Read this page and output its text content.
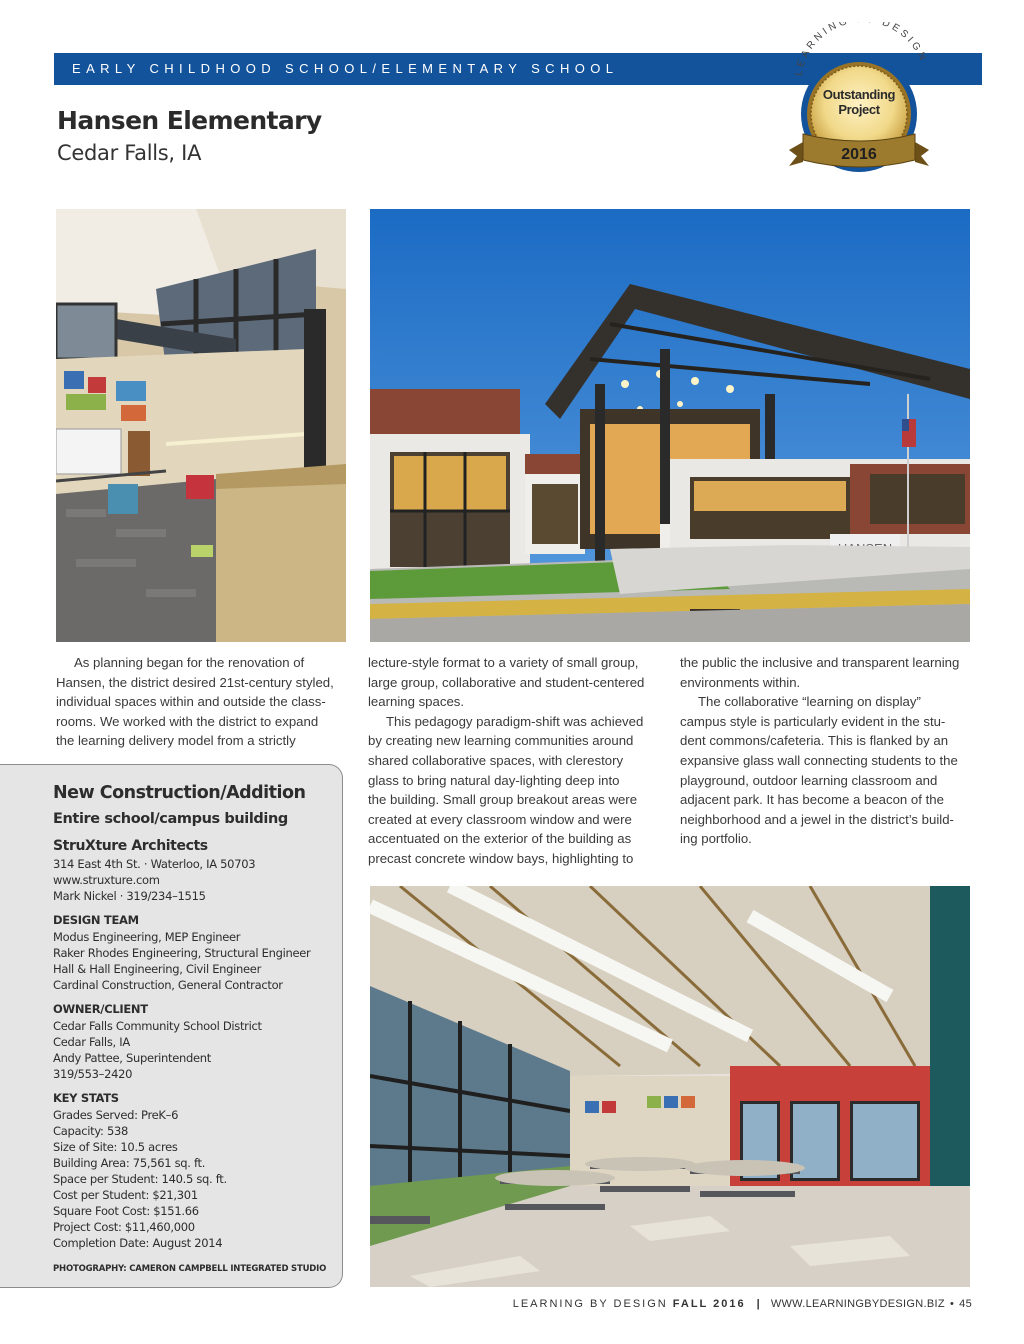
EARLY CHILDHOOD SCHOOL/ELEMENTARY SCHOOL
Hansen Elementary
Cedar Falls, IA
LEARNING DESIGN
Outstanding
Project
2016

As planning began for the renovation of

Hansen, the district desired 21st-century styled,

individual spaces within and outside the class-

rooms. We worked with the district to expand

the learning delivery model from a strictly

lecture-style format to a variety of small group,

large group, collaborative and student-centered

learning spaces.

This pedagogy paradigm-shift was achieved

by creating new learning communities around

shared collaborative spaces, with clerestory

glass to bring natural day-lighting deep into

the building. Small group breakout areas were

created at every classroom window and were

accentuated on the exterior of the building as

precast concrete window bays, highlighting to

the public the inclusive and transparent learning

environments within.

The collaborative “learning on display”

campus style is particularly evident in the stu-

dent commons/cafeteria. This is flanked by an

expansive glass wall connecting students to the

playground, outdoor learning classroom and

adjacent park. It has become a beacon of the

neighborhood and a jewel in the district’s build-

ing portfolio.

New Construction/Addition
Entire school/campus building
StruXture Architects
314 East 4th St. · Waterloo, IA 50703
www.struxture.com
Mark Nickel · 319/234–1515
DESIGN TEAM
Modus Engineering, MEP Engineer
Raker Rhodes Engineering, Structural Engineer
Hall & Hall Engineering, Civil Engineer
Cardinal Construction, General Contractor
OWNER/CLIENT
Cedar Falls Community School District
Cedar Falls, IA
Andy Pattee, Superintendent
319/553–2420
KEY STATS
Grades Served: PreK–6
Capacity: 538
Size of Site: 10.5 acres
Building Area: 75,561 sq. ft.
Space per Student: 140.5 sq. ft.
Cost per Student: $21,301
Square Foot Cost: $151.66
Project Cost: $11,460,000
Completion Date: August 2014
PHOTOGRAPHY: CAMERON CAMPBELL INTEGRATED STUDIO
LEARNING BY DESIGN FALL 2016 | WWW.LEARNINGBYDESIGN.BIZ • 45
